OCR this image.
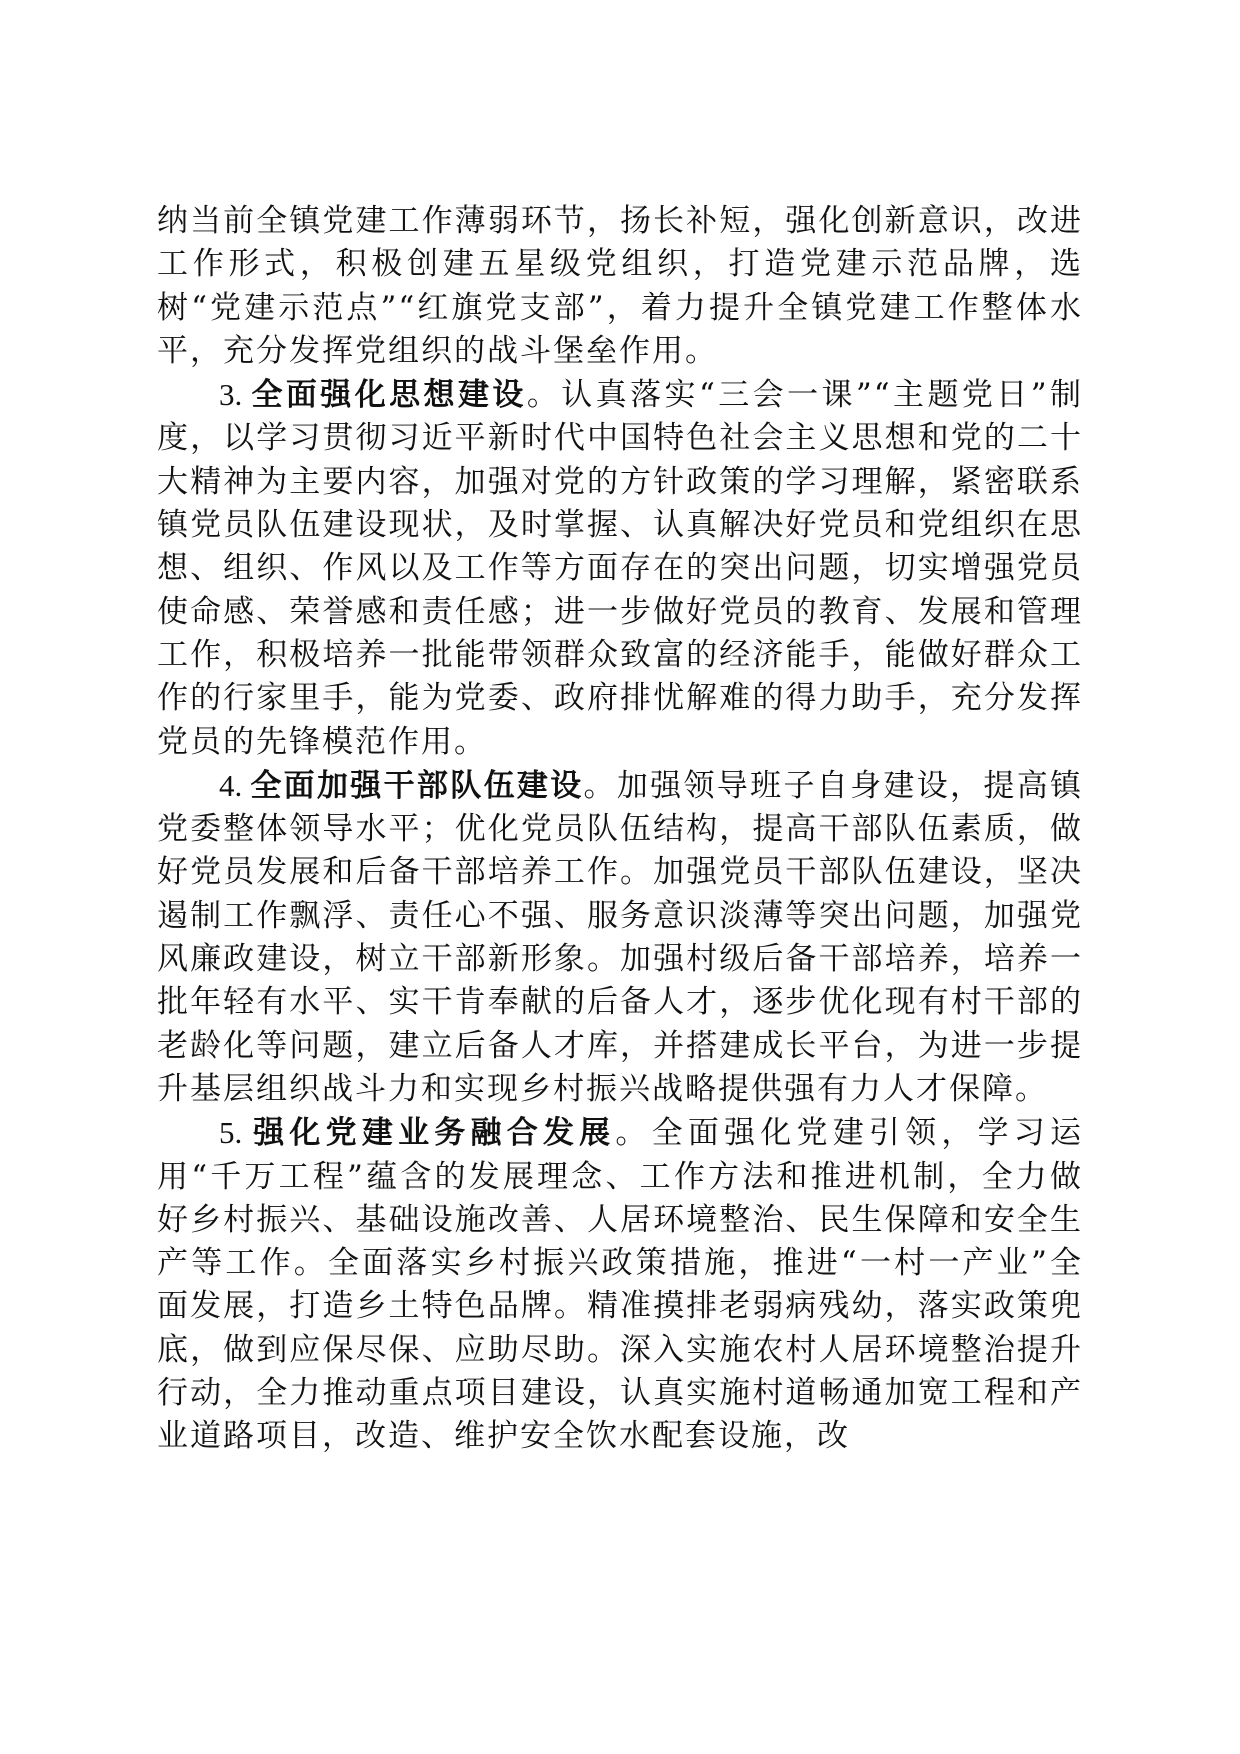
纳当前全镇党建工作薄弱环节，扬长补短，强化创新意识，改进工作形式，积极创建五星级党组织，打造党建示范品牌，选树“党建示范点”“红旗党支部”，着力提升全镇党建工作整体水平，充分发挥党组织的战斗堡垒作用。

3. 全面强化思想建设。认真落实“三会一课”“主题党日”制度，以学习贯彻习近平新时代中国特色社会主义思想和党的二十大精神为主要内容，加强对党的方针政策的学习理解，紧密联系镇党员队伍建设现状，及时掌握、认真解决好党员和党组织在思想、组织、作风以及工作等方面存在的突出问题，切实增强党员使命感、荣誉感和责任感；进一步做好党员的教育、发展和管理工作，积极培养一批能带领群众致富的经济能手，能做好群众工作的行家里手，能为党委、政府排忧解难的得力助手，充分发挥党员的先锋模范作用。

4. 全面加强干部队伍建设。加强领导班子自身建设，提高镇党委整体领导水平；优化党员队伍结构，提高干部队伍素质，做好党员发展和后备干部培养工作。加强党员干部队伍建设，坚决遏制工作飘浮、责任心不强、服务意识淡薄等突出问题，加强党风廉政建设，树立干部新形象。加强村级后备干部培养，培养一批年轻有水平、实干肯奉献的后备人才，逐步优化现有村干部的老龄化等问题，建立后备人才库，并搭建成长平台，为进一步提升基层组织战斗力和实现乡村振兴战略提供强有力人才保障。

5. 强化党建业务融合发展。全面强化党建引领，学习运用“千万工程”蕴含的发展理念、工作方法和推进机制，全力做好乡村振兴、基础设施改善、人居环境整治、民生保障和安全生产等工作。全面落实乡村振兴政策措施，推进“一村一产业”全面发展，打造乡土特色品牌。精准摸排老弱病残幼，落实政策兜底，做到应保尽保、应助尽助。深入实施农村人居环境整治提升行动，全力推动重点项目建设，认真实施村道畅通加宽工程和产业道路项目，改造、维护安全饮水配套设施，改
